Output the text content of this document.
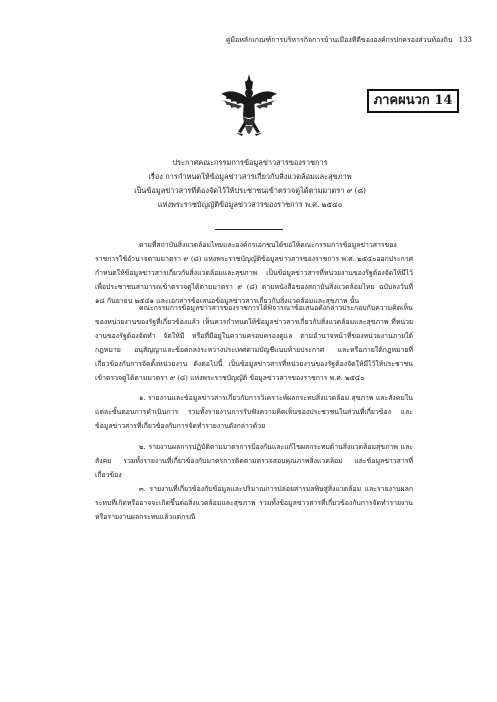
คู่มือหลักเกณฑ์การบริหารกิจการบ้านเมืองที่ดีขององค์กรปกครองส่วนท้องถิ่น 133
ภาคผนวก 14
ประกาศคณะกรรมการข้อมูลข่าวสารของราชการ
เรื่อง การกำหนดให้ข้อมูลข่าวสารเกี่ยวกับสิ่งแวดล้อมและสุขภาพ
เป็นข้อมูลข่าวสารที่ต้องจัดไว้ให้ประชาชนเข้าตรวจดูได้ตามมาตรา ๙ (๘)
แห่งพระราชบัญญัติข้อมูลข่าวสารของราชการ พ.ศ. ๒๕๔๐

ตามที่สถาบันสิ่งแวดล้อมไทยและองค์กรเอกชนได้ขอให้คณะกรรมการข้อมูลข่าวสารของราชการใช้อำนาจตามมาตรา ๙ (๘) แห่งพระราชบัญญัติข้อมูลข่าวสารของราชการ พ.ศ. ๒๕๔๐ออกประกาศกำหนดให้ข้อมูลข่าวสารเกี่ยวกับสิ่งแวดล้อมและสุขภาพ เป็นข้อมูลข่าวสารที่หน่วยงานของรัฐต้องจัดให้มีไว้เพื่อประชาชนสามารถเข้าตรวจดูได้ตามมาตรา ๙ (๘) ตามหนังสือของสถาบันสิ่งแวดล้อมไทย ฉบับลงวันที่ ๑๘ กันยายน ๒๕๔๑ และเอกสารข้อเสนอข้อมูลข่าวสารเกี่ยวกับสิ่งแวดล้อมและสุขภาพ นั้น

คณะกรรมการข้อมูลข่าวสารของราชการได้พิจารณาข้อเสนอดังกล่าวประกอบกับความคิดเห็นของหน่วยงานของรัฐที่เกี่ยวข้องแล้ว เห็นควรกำหนดให้ข้อมูลข่าวสารเกี่ยวกับสิ่งแวดล้อมและสุขภาพ ที่หน่วยงานของรัฐต้องจัดทำ จัดให้มี หรือที่มีอยู่ในความครอบครองดูแล ตามอำนาจหน้าที่ของหน่วยงานภายใต้กฎหมาย อนุสัญญาและข้อตกลงระหว่างประเทศตามบัญชีแนบท้ายประกาศ และหรือภายใต้กฎหมายที่เกี่ยวข้องกับการจัดตั้งหน่วยงาน ดังต่อไปนี้ เป็นข้อมูลข่าวสารที่หน่วยงานของรัฐต้องจัดให้มีไว้ให้ประชาชนเข้าตรวจดูได้ตามมาตรา ๙ (๘) แห่งพระราชบัญญัติ ข้อมูลข่าวสารของราชการ พ.ศ. ๒๕๔๐

๑. รายงานและข้อมูลข่าวสารเกี่ยวกับการวิเคราะห์ผลกระทบสิ่งแวดล้อม สุขภาพ และสังคมในแต่ละขั้นตอนการดำเนินการ รวมทั้งรายงานการรับฟังความคิดเห็นของประชาชนในส่วนที่เกี่ยวข้อง และข้อมูลข่าวสารที่เกี่ยวข้องกับการจัดทำรายงานดังกล่าวด้วย

๒. รายงานผลการปฏิบัติตามมาตรการป้องกันและแก้ไขผลกระทบด้านสิ่งแวดล้อมสุขภาพ และสังคม รวมทั้งรายงานที่เกี่ยวข้องกับมาตรการติดตามตรวจสอบคุณภาพสิ่งแวดล้อม และข้อมูลข่าวสารที่เกี่ยวข้อง

๓. รายงานที่เกี่ยวข้องกับข้อมูลและปริมาณการปล่อยสารมลพิษสู่สิ่งแวดล้อม และรายงานผลกระทบที่เกิดหรืออาจจะเกิดขึ้นต่อสิ่งแวดล้อมและสุขภาพ รวมทั้งข้อมูลข่าวสารที่เกี่ยวข้องกับการจัดทำรายงานหรือรายงานผลกระทบแล้วแต่กรณี
